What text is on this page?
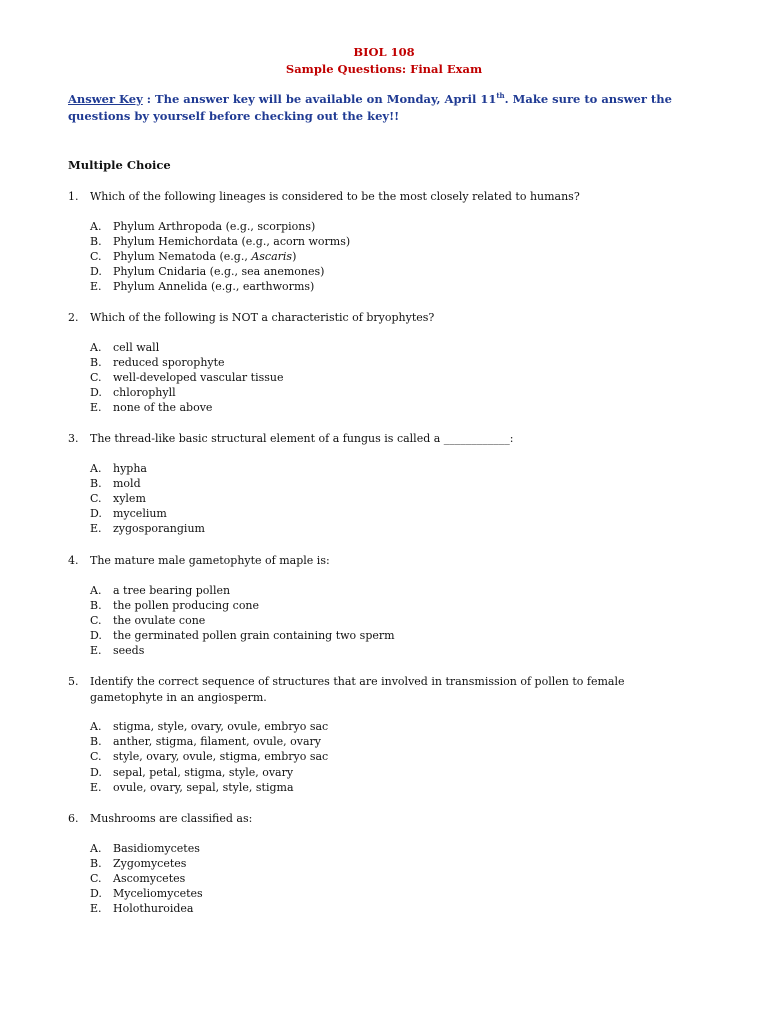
BIOL 108
Sample Questions: Final Exam
Answer Key : The answer key will be available on Monday, April 11th. Make sure to answer the questions by yourself before checking out the key!!
Multiple Choice
1. Which of the following lineages is considered to be the most closely related to humans?
A.	Phylum Arthropoda (e.g., scorpions)
B.	Phylum Hemichordata (e.g., acorn worms)
C.	Phylum Nematoda (e.g., Ascaris)
D.	Phylum Cnidaria (e.g., sea anemones)
E.	Phylum Annelida (e.g., earthworms)
2. Which of the following is NOT a characteristic of bryophytes?
A.	cell wall
B.	reduced sporophyte
C.	well-developed vascular tissue
D.	chlorophyll
E.	none of the above
3. The thread-like basic structural element of a fungus is called a ____________:
A.	hypha
B.	mold
C.	xylem
D.	mycelium
E.	zygosporangium
4. The mature male gametophyte of maple is:
A.	a tree bearing pollen
B.	the pollen producing cone
C.	the ovulate cone
D.	the germinated pollen grain containing two sperm
E.	seeds
5. Identify the correct sequence of structures that are involved in transmission of pollen to female gametophyte in an angiosperm.
A.	stigma, style, ovary, ovule, embryo sac
B.	anther, stigma, filament, ovule, ovary
C.	style, ovary, ovule, stigma, embryo sac
D.	sepal, petal, stigma, style, ovary
E.	ovule, ovary, sepal, style, stigma
6. Mushrooms are classified as:
A.	Basidiomycetes
B.	Zygomycetes
C.	Ascomycetes
D.	Myceliomycetes
E.	Holothuroidea
